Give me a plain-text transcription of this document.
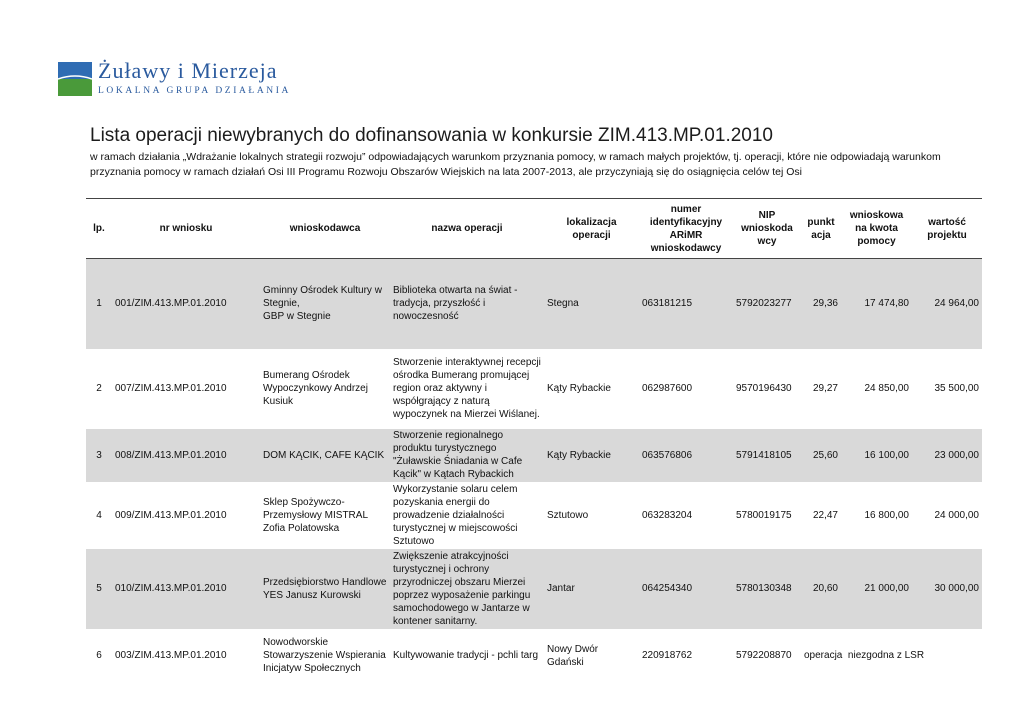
Żuławy i Mierzeja
LOKALNA GRUPA DZIAŁANIA
Lista operacji niewybranych do dofinansowania w konkursie ZIM.413.MP.01.2010
w ramach działania „Wdrażanie lokalnych strategii rozwoju” odpowiadających warunkom przyznania pomocy, w ramach małych projektów, tj. operacji, które nie odpowiadają warunkom przyznania pomocy w ramach działań Osi III Programu Rozwoju Obszarów Wiejskich na lata 2007-2013, ale przyczyniają się do osiągnięcia celów tej Osi
lp.	nr wniosku	wnioskodawca	nazwa operacji	lokalizacja operacji	numer identyfikacyjny ARiMR wnioskodawcy	NIP wnioskoda wcy	punkt acja	wnioskowa na kwota pomocy	wartość projektu
1	001/ZIM.413.MP.01.2010	Gminny Ośrodek Kultury w Stegnie,
GBP w Stegnie	Biblioteka otwarta na świat - tradycja, przyszłość i nowoczesność	Stegna	063181215	5792023277	29,36	17 474,80	24 964,00
2	007/ZIM.413.MP.01.2010	Bumerang Ośrodek Wypoczynkowy Andrzej Kusiuk	Stworzenie interaktywnej recepcji ośrodka Bumerang promującej region oraz aktywny i współgrający z naturą wypoczynek na Mierzei Wiślanej.	Kąty Rybackie	062987600	9570196430	29,27	24 850,00	35 500,00
3	008/ZIM.413.MP.01.2010	DOM KĄCIK, CAFE KĄCIK	Stworzenie regionalnego produktu turystycznego "Żuławskie Śniadania w Cafe Kącik" w Kątach Rybackich	Kąty Rybackie	063576806	5791418105	25,60	16 100,00	23 000,00
4	009/ZIM.413.MP.01.2010	Sklep Spożywczo-Przemysłowy MISTRAL Zofia Polatowska	Wykorzystanie solaru celem pozyskania energii do prowadzenie działalności turystycznej w miejscowości Sztutowo	Sztutowo	063283204	5780019175	22,47	16 800,00	24 000,00
5	010/ZIM.413.MP.01.2010	Przedsiębiorstwo Handlowe YES Janusz Kurowski	Zwiększenie atrakcyjności turystycznej i ochrony przyrodniczej obszaru Mierzei poprzez wyposażenie parkingu samochodowego w Jantarze w kontener sanitarny.	Jantar	064254340	5780130348	20,60	21 000,00	30 000,00
6	003/ZIM.413.MP.01.2010	Nowodworskie Stowarzyszenie Wspierania Inicjatyw Społecznych	Kultywowanie tradycji - pchli targ	Nowy Dwór Gdański	220918762	5792208870	operacja  niezgodna z LSR		
